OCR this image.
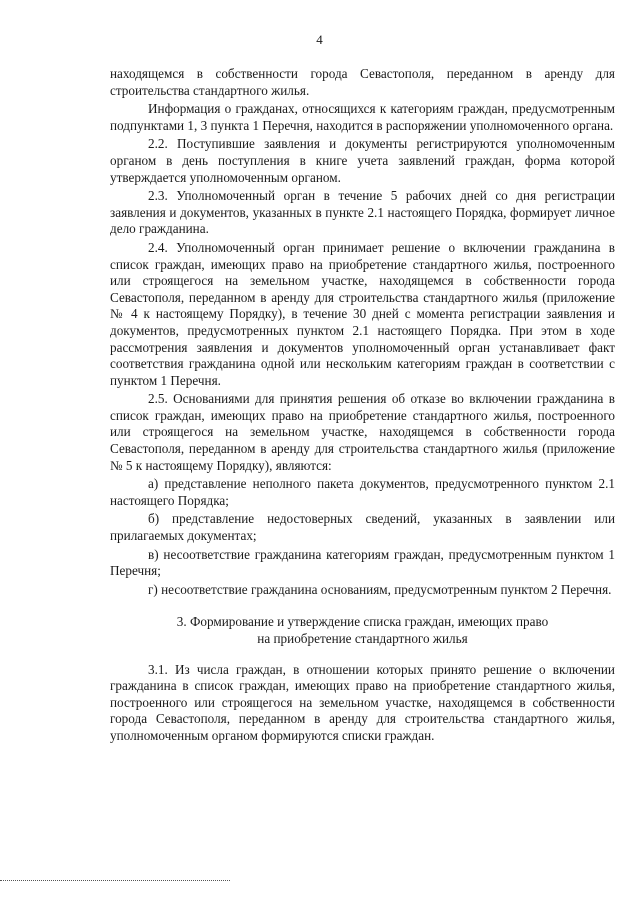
4

находящемся в собственности города Севастополя, переданном в аренду для строительства стандартного жилья.

Информация о гражданах, относящихся к категориям граждан, предусмотренным подпунктами 1, 3 пункта 1 Перечня, находится в распоряжении уполномоченного органа.

2.2. Поступившие заявления и документы регистрируются уполномоченным органом в день поступления в книге учета заявлений граждан, форма которой утверждается уполномоченным органом.

2.3. Уполномоченный орган в течение 5 рабочих дней со дня регистрации заявления и документов, указанных в пункте 2.1 настоящего Порядка, формирует личное дело гражданина.

2.4. Уполномоченный орган принимает решение о включении гражданина в список граждан, имеющих право на приобретение стандартного жилья, построенного или строящегося на земельном участке, находящемся в собственности города Севастополя, переданном в аренду для строительства стандартного жилья (приложение № 4 к настоящему Порядку), в течение 30 дней с момента регистрации заявления и документов, предусмотренных пунктом 2.1 настоящего Порядка. При этом в ходе рассмотрения заявления и документов уполномоченный орган устанавливает факт соответствия гражданина одной или нескольким категориям граждан в соответствии с пунктом 1 Перечня.

2.5. Основаниями для принятия решения об отказе во включении гражданина в список граждан, имеющих право на приобретение стандартного жилья, построенного или строящегося на земельном участке, находящемся в собственности города Севастополя, переданном в аренду для строительства стандартного жилья (приложение № 5 к настоящему Порядку), являются:

а) представление неполного пакета документов, предусмотренного пунктом 2.1 настоящего Порядка;

б) представление недостоверных сведений, указанных в заявлении или прилагаемых документах;

в) несоответствие гражданина категориям граждан, предусмотренным пунктом 1 Перечня;

г) несоответствие гражданина основаниям, предусмотренным пунктом 2 Перечня.

3. Формирование и утверждение списка граждан, имеющих право
на приобретение стандартного жилья

3.1. Из числа граждан, в отношении которых принято решение о включении гражданина в список граждан, имеющих право на приобретение стандартного жилья, построенного или строящегося на земельном участке, находящемся в собственности города Севастополя, переданном в аренду для строительства стандартного жилья, уполномоченным органом формируются списки граждан.
